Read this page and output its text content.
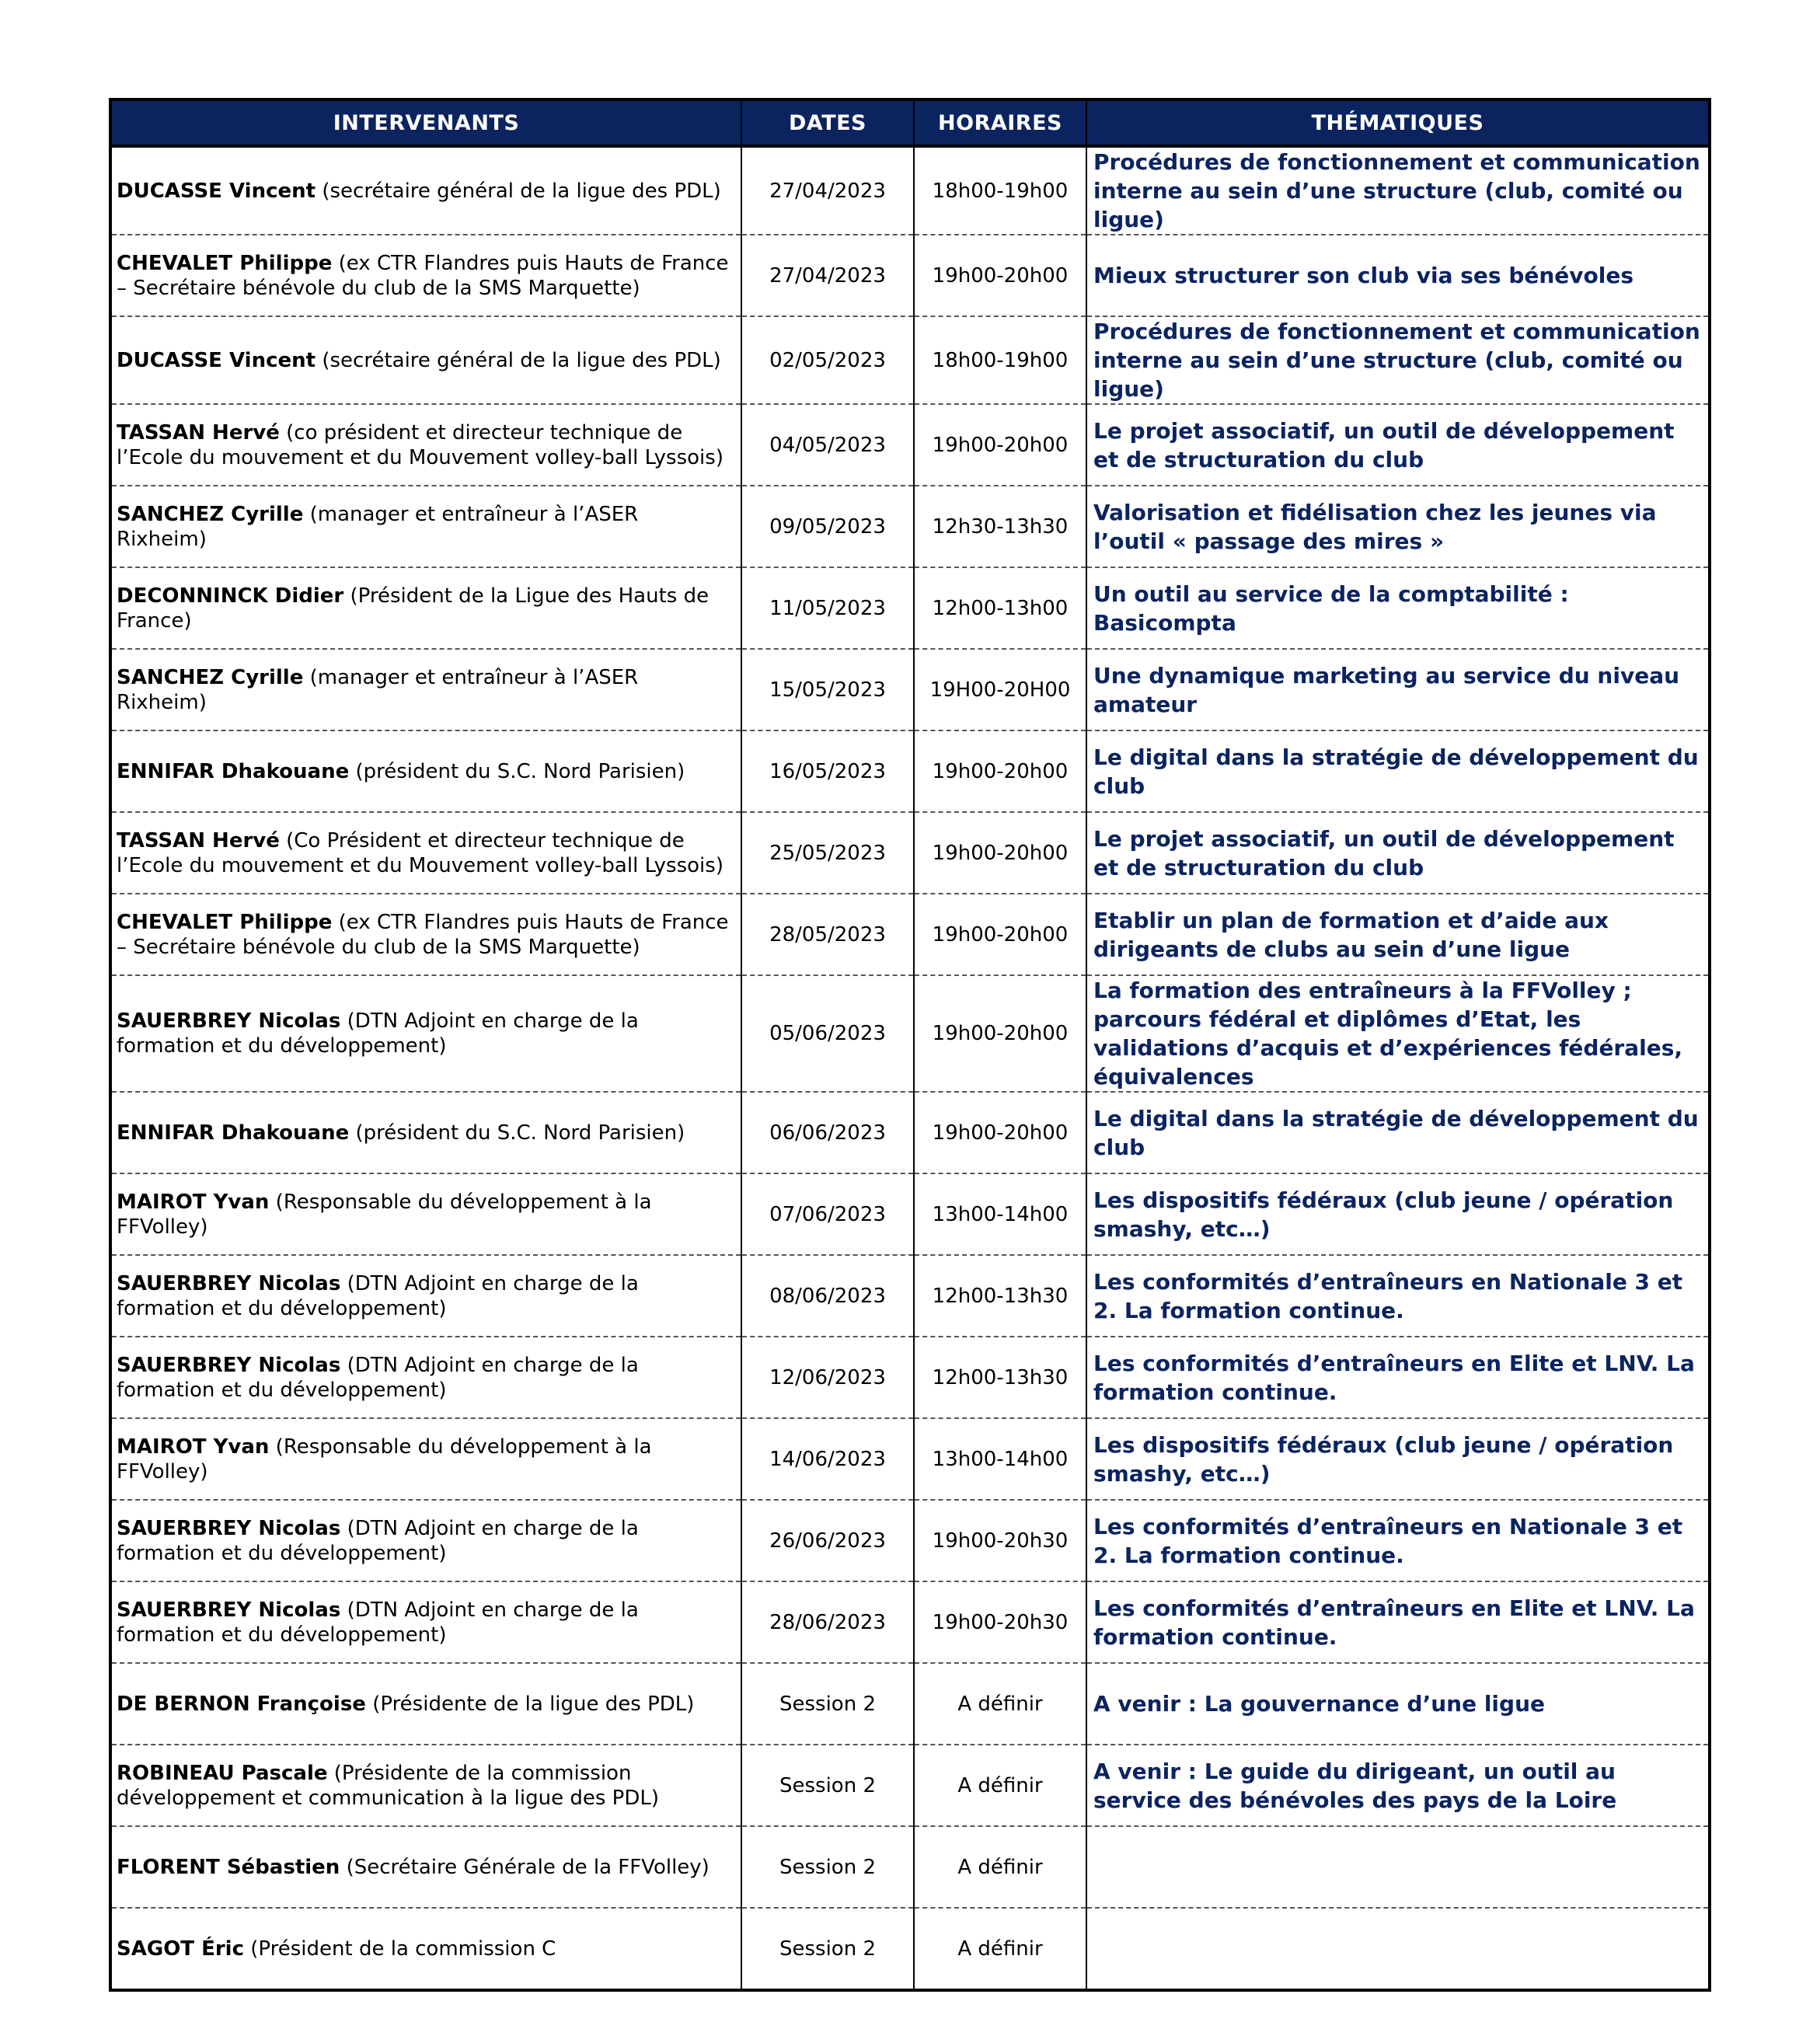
INTERVENANTS	DATES	HORAIRES	THÉMATIQUES
DUCASSE Vincent (secrétaire général de la ligue des PDL)	27/04/2023	18h00-19h00	Procédures de fonctionnement et communication interne au sein d’une structure (club, comité ou ligue)
CHEVALET Philippe (ex CTR Flandres puis Hauts de France – Secrétaire bénévole du club de la SMS Marquette)	27/04/2023	19h00-20h00	Mieux structurer son club via ses bénévoles
DUCASSE Vincent (secrétaire général de la ligue des PDL)	02/05/2023	18h00-19h00	Procédures de fonctionnement et communication interne au sein d’une structure (club, comité ou ligue)
TASSAN Hervé (co président et directeur technique de l’Ecole du mouvement et du Mouvement volley-ball Lyssois)	04/05/2023	19h00-20h00	Le projet associatif, un outil de développement et de structuration du club
SANCHEZ Cyrille (manager et entraîneur à l’ASER Rixheim)	09/05/2023	12h30-13h30	Valorisation et fidélisation chez les jeunes via l’outil « passage des mires »
DECONNINCK Didier (Président de la Ligue des Hauts de France)	11/05/2023	12h00-13h00	Un outil au service de la comptabilité : Basicompta
SANCHEZ Cyrille (manager et entraîneur à l’ASER Rixheim)	15/05/2023	19H00-20H00	Une dynamique marketing au service du niveau amateur
ENNIFAR Dhakouane (président du S.C. Nord Parisien)	16/05/2023	19h00-20h00	Le digital dans la stratégie de développement du club
TASSAN Hervé (Co Président et directeur technique de l’Ecole du mouvement et du Mouvement volley-ball Lyssois)	25/05/2023	19h00-20h00	Le projet associatif, un outil de développement et de structuration du club
CHEVALET Philippe (ex CTR Flandres puis Hauts de France – Secrétaire bénévole du club de la SMS Marquette)	28/05/2023	19h00-20h00	Etablir un plan de formation et d’aide aux dirigeants de clubs au sein d’une ligue
SAUERBREY Nicolas (DTN Adjoint en charge de la formation et du développement)	05/06/2023	19h00-20h00	La formation des entraîneurs à la FFVolley ; parcours fédéral et diplômes d’Etat, les validations d’acquis et d’expériences fédérales, équivalences
ENNIFAR Dhakouane (président du S.C. Nord Parisien)	06/06/2023	19h00-20h00	Le digital dans la stratégie de développement du club
MAIROT Yvan (Responsable du développement à la FFVolley)	07/06/2023	13h00-14h00	Les dispositifs fédéraux (club jeune / opération smashy, etc…)
SAUERBREY Nicolas (DTN Adjoint en charge de la formation et du développement)	08/06/2023	12h00-13h30	Les conformités d’entraîneurs en Nationale 3 et 2. La formation continue.
SAUERBREY Nicolas (DTN Adjoint en charge de la formation et du développement)	12/06/2023	12h00-13h30	Les conformités d’entraîneurs en Elite et LNV. La formation continue.
MAIROT Yvan (Responsable du développement à la FFVolley)	14/06/2023	13h00-14h00	Les dispositifs fédéraux (club jeune / opération smashy, etc…)
SAUERBREY Nicolas (DTN Adjoint en charge de la formation et du développement)	26/06/2023	19h00-20h30	Les conformités d’entraîneurs en Nationale 3 et 2. La formation continue.
SAUERBREY Nicolas (DTN Adjoint en charge de la formation et du développement)	28/06/2023	19h00-20h30	Les conformités d’entraîneurs en Elite et LNV. La formation continue.
DE BERNON Françoise (Présidente de la ligue des PDL)	Session 2	A définir	A venir : La gouvernance d’une ligue
ROBINEAU Pascale (Présidente de la commission développement et communication à la ligue des PDL)	Session 2	A définir	A venir : Le guide du dirigeant, un outil au service des bénévoles des pays de la Loire
FLORENT Sébastien (Secrétaire Générale de la FFVolley)	Session 2	A définir	
SAGOT Éric (Président de la commission C	Session 2	A définir	
